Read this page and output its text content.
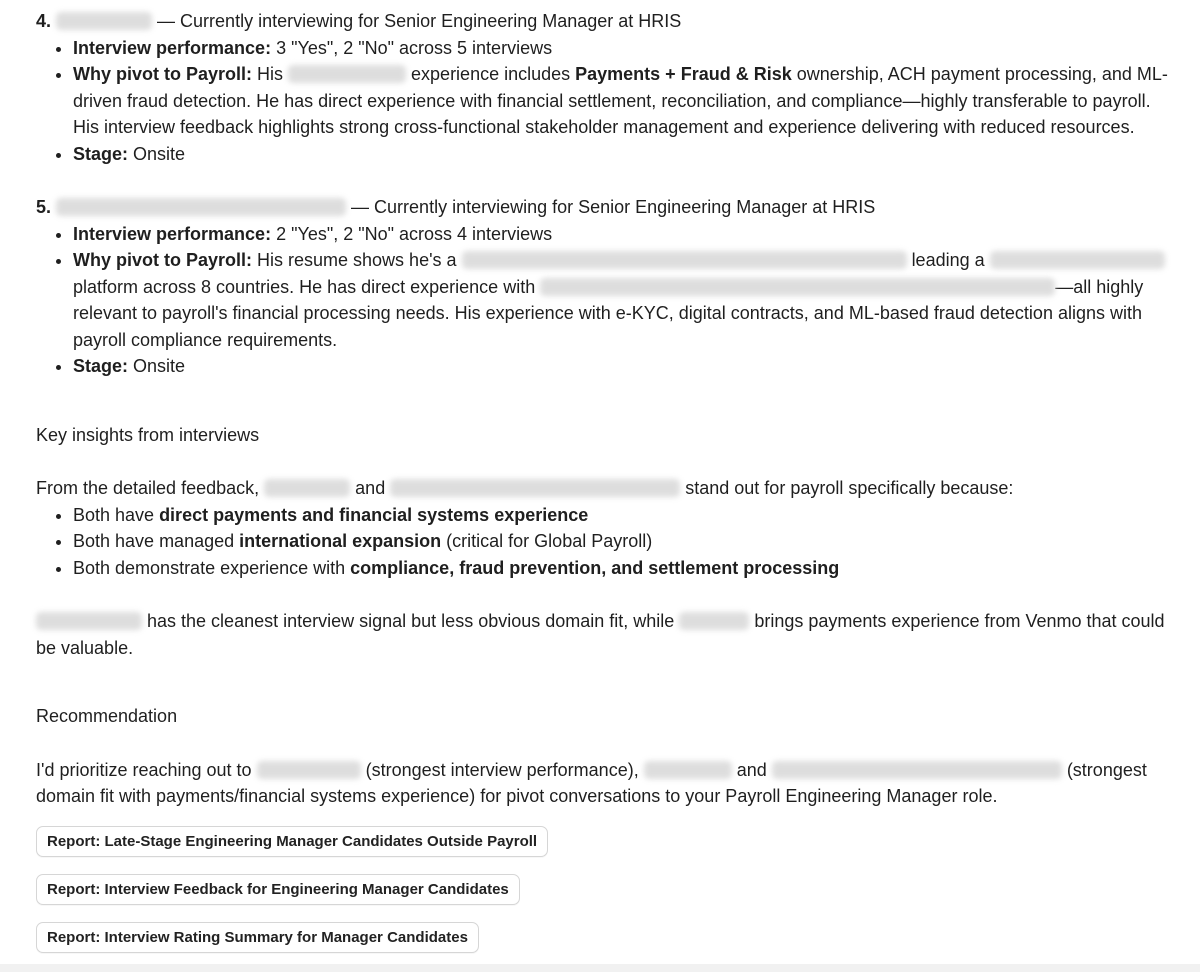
4.	— Currently interviewing for Senior Engineering Manager at HRIS
• Interview performance: 3 "Yes", 2 "No" across 5 interviews
• Why pivot to Payroll: His	experience includes Payments + Fraud & Risk ownership, ACH payment processing, and ML-driven fraud detection. He has direct experience with financial settlement, reconciliation, and compliance—highly transferable to payroll. His interview feedback highlights strong cross-functional stakeholder management and experience delivering with reduced resources.
• Stage: Onsite
5.	— Currently interviewing for Senior Engineering Manager at HRIS
• Interview performance: 2 "Yes", 2 "No" across 4 interviews
• Why pivot to Payroll: His resume shows he's a	leading a  platform across 8 countries. He has direct experience with	—all highly relevant to payroll's financial processing needs. His experience with e-KYC, digital contracts, and ML-based fraud detection aligns with payroll compliance requirements.
• Stage: Onsite

Key insights from interviews

From the detailed feedback,	and	stand out for payroll specifically because:

• Both have direct payments and financial systems experience
• Both have managed international expansion (critical for Global Payroll)
• Both demonstrate experience with compliance, fraud prevention, and settlement processing

has the cleanest interview signal but less obvious domain fit, while	brings payments experience from Venmo that could be valuable.

Recommendation

I'd prioritize reaching out to	(strongest interview performance),	and	(strongest domain fit with payments/financial systems experience) for pivot conversations to your Payroll Engineering Manager role.

Report: Late-Stage Engineering Manager Candidates Outside Payroll
Report: Interview Feedback for Engineering Manager Candidates
Report: Interview Rating Summary for Manager Candidates
